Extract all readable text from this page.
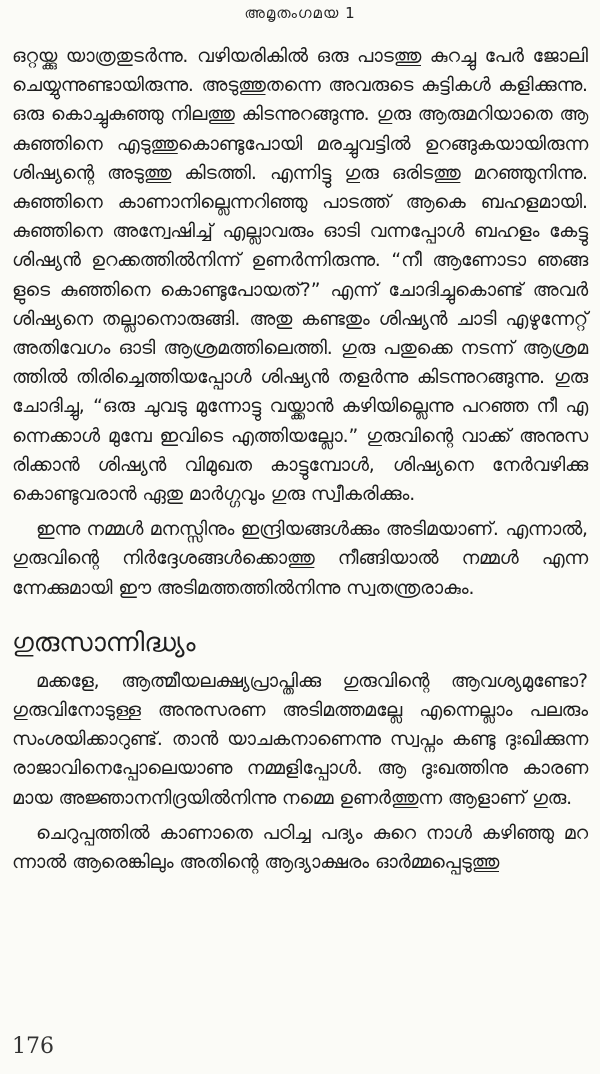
അമൃതംഗമയ 1

ഒറ്റയ്ക്കു യാത്രതുടർന്നു. വഴിയരികിൽ ഒരു പാടത്തു കുറച്ചു പേർ ജോലി ചെയ്യുന്നുണ്ടായിരുന്നു. അടുത്തുതന്നെ അവരുടെ കുട്ടികൾ കളിക്കുന്നു. ഒരു കൊച്ചുകുഞ്ഞു നിലത്തു കിടന്നുറങ്ങുന്നു. ഗുരു ആരുമറിയാതെ ആ കുഞ്ഞിനെ എടുത്തുകൊണ്ടുപോയി മരച്ചുവട്ടിൽ ഉറങ്ങുകയായിരുന്ന ശിഷ്യന്റെ അടുത്തു കിടത്തി. എന്നിട്ടു ഗുരു ഒരിടത്തു മറഞ്ഞുനിന്നു. കുഞ്ഞിനെ കാണാനില്ലെന്നറിഞ്ഞു പാടത്ത് ആകെ ബഹളമായി. കുഞ്ഞിനെ അന്വേഷിച്ച് എല്ലാവരും ഓടി വന്നപ്പോൾ ബഹളം കേട്ടു ശിഷ്യൻ ഉറക്കത്തിൽനിന്ന് ഉണർന്നിരുന്നു. “നീ ആണോടാ ഞങ്ങളുടെ കുഞ്ഞിനെ കൊണ്ടുപോയത്?” എന്ന് ചോദിച്ചുകൊണ്ട് അവർ ശിഷ്യനെ തല്ലാനൊരുങ്ങി. അതു കണ്ടതും ശിഷ്യൻ ചാടി എഴുന്നേറ്റ് അതിവേഗം ഓടി ആശ്രമത്തിലെത്തി. ഗുരു പതുക്കെ നടന്ന് ആശ്രമത്തിൽ തിരിച്ചെത്തിയപ്പോൾ ശിഷ്യൻ തളർന്നു കിടന്നുറങ്ങുന്നു. ഗുരു ചോദിച്ചു, “ഒരു ചുവടു മുന്നോട്ടു വയ്ക്കാൻ കഴിയില്ലെന്നു പറഞ്ഞ നീ എന്നെക്കാൾ മുമ്പേ ഇവിടെ എത്തിയല്ലോ.” ഗുരുവിന്റെ വാക്ക് അനുസരിക്കാൻ ശിഷ്യൻ വിമുഖത കാട്ടുമ്പോൾ, ശിഷ്യനെ നേർവഴിക്കു കൊണ്ടുവരാൻ ഏതു മാർഗ്ഗവും ഗുരു സ്വീകരിക്കും.

ഇന്നു നമ്മൾ മനസ്സിനും ഇന്ദ്രിയങ്ങൾക്കും അടിമയാണ്. എന്നാൽ, ഗുരുവിന്റെ നിർദ്ദേശങ്ങൾക്കൊത്തു നീങ്ങിയാൽ നമ്മൾ എന്നന്നേക്കുമായി ഈ അടിമത്തത്തിൽനിന്നു സ്വതന്ത്രരാകും.

ഗുരുസാന്നിദ്ധ്യം

മക്കളേ, ആത്മീയലക്ഷ്യപ്രാപ്തിക്കു ഗുരുവിന്റെ ആവശ്യമുണ്ടോ? ഗുരുവിനോടുള്ള അനുസരണ അടിമത്തമല്ലേ എന്നെല്ലാം പലരും സംശയിക്കാറുണ്ട്. താൻ യാചകനാണെന്നു സ്വപ്നം കണ്ടു ദുഃഖിക്കുന്ന രാജാവിനെപ്പോലെയാണു നമ്മളിപ്പോൾ. ആ ദുഃഖത്തിനു കാരണമായ അജ്ഞാനനിദ്രയിൽനിന്നു നമ്മെ ഉണർത്തുന്ന ആളാണ് ഗുരു.

ചെറുപ്പത്തിൽ കാണാതെ പഠിച്ച പദ്യം കുറെ നാൾ കഴിഞ്ഞു മറന്നാൽ ആരെങ്കിലും അതിന്റെ ആദ്യാക്ഷരം ഓർമ്മപ്പെടുത്തു

176
